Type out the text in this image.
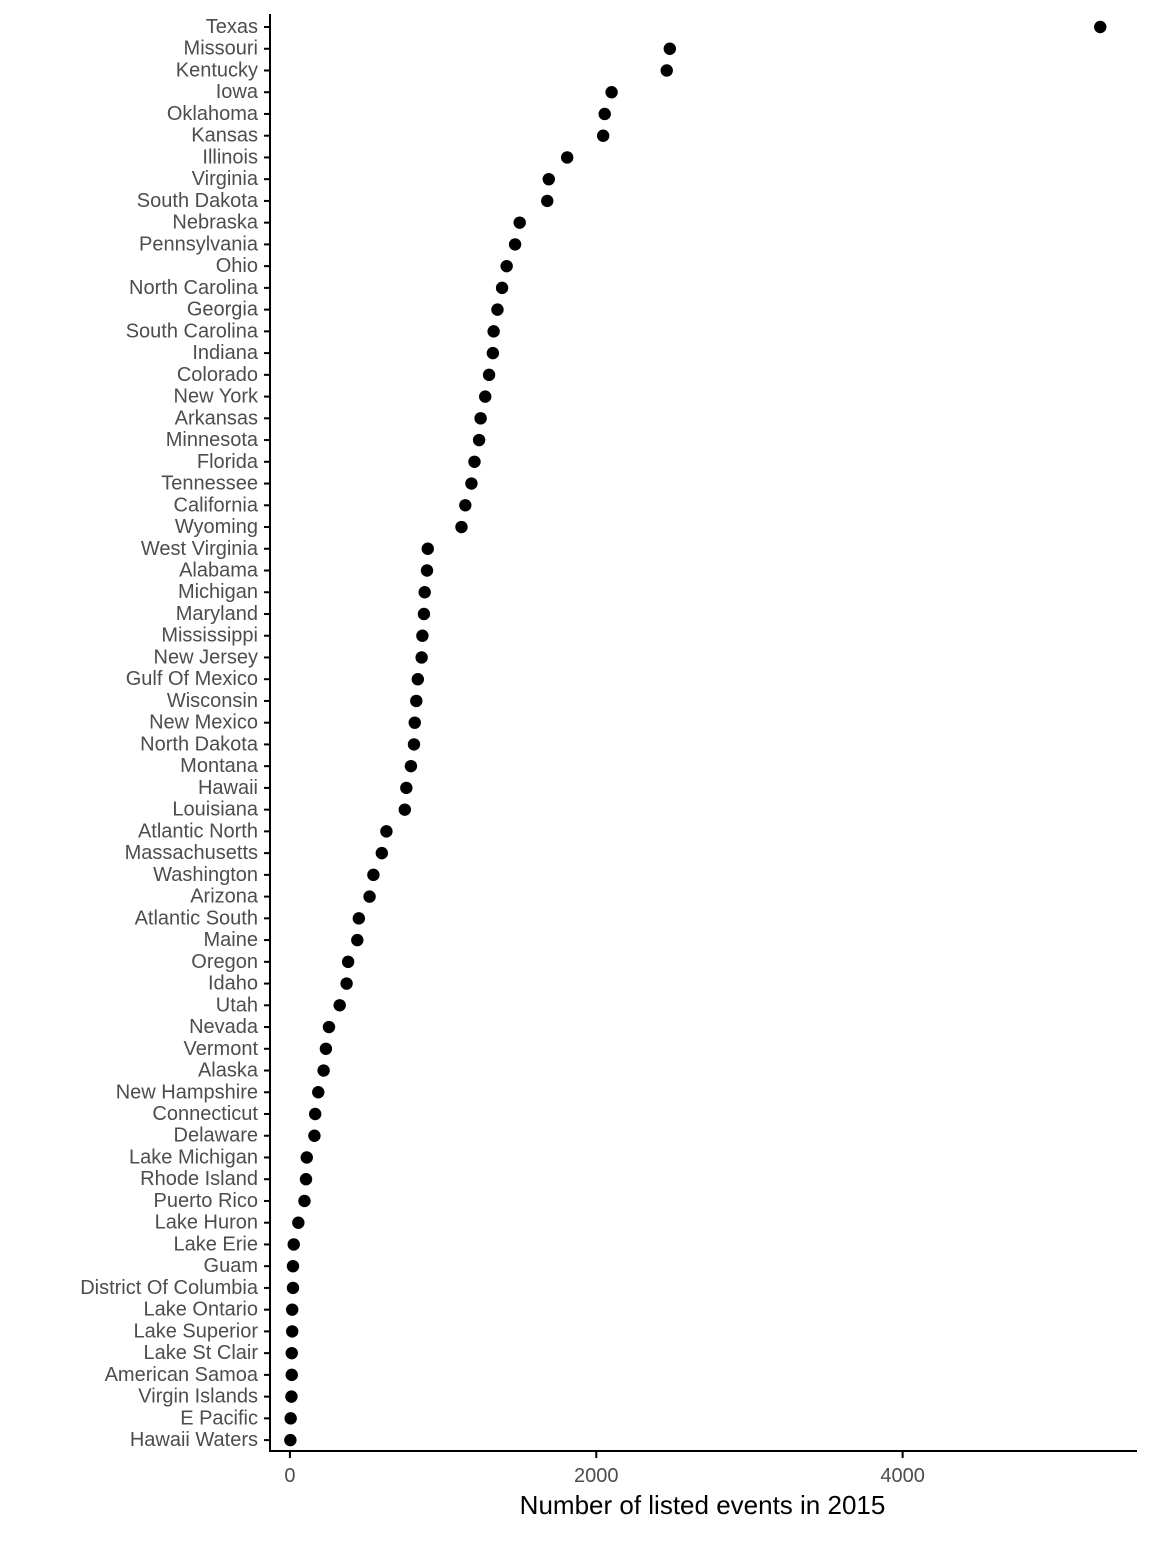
Texas
Missouri
Kentucky
Iowa
Oklahoma
Kansas
Illinois
Virginia
South Dakota
Nebraska
Pennsylvania
Ohio
North Carolina
Georgia
South Carolina
Indiana
Colorado
New York
Arkansas
Minnesota
Florida
Tennessee
California
Wyoming
West Virginia
Alabama
Michigan
Maryland
Mississippi
New Jersey
Gulf Of Mexico
Wisconsin
New Mexico
North Dakota
Montana
Hawaii
Louisiana
Atlantic North
Massachusetts
Washington
Arizona
Atlantic South
Maine
Oregon
Idaho
Utah
Nevada
Vermont
Alaska
New Hampshire
Connecticut
Delaware
Lake Michigan
Rhode Island
Puerto Rico
Lake Huron
Lake Erie
Guam
District Of Columbia
Lake Ontario
Lake Superior
Lake St Clair
American Samoa
Virgin Islands
E Pacific
Hawaii Waters
0	2000	4000
Number of listed events in 2015
